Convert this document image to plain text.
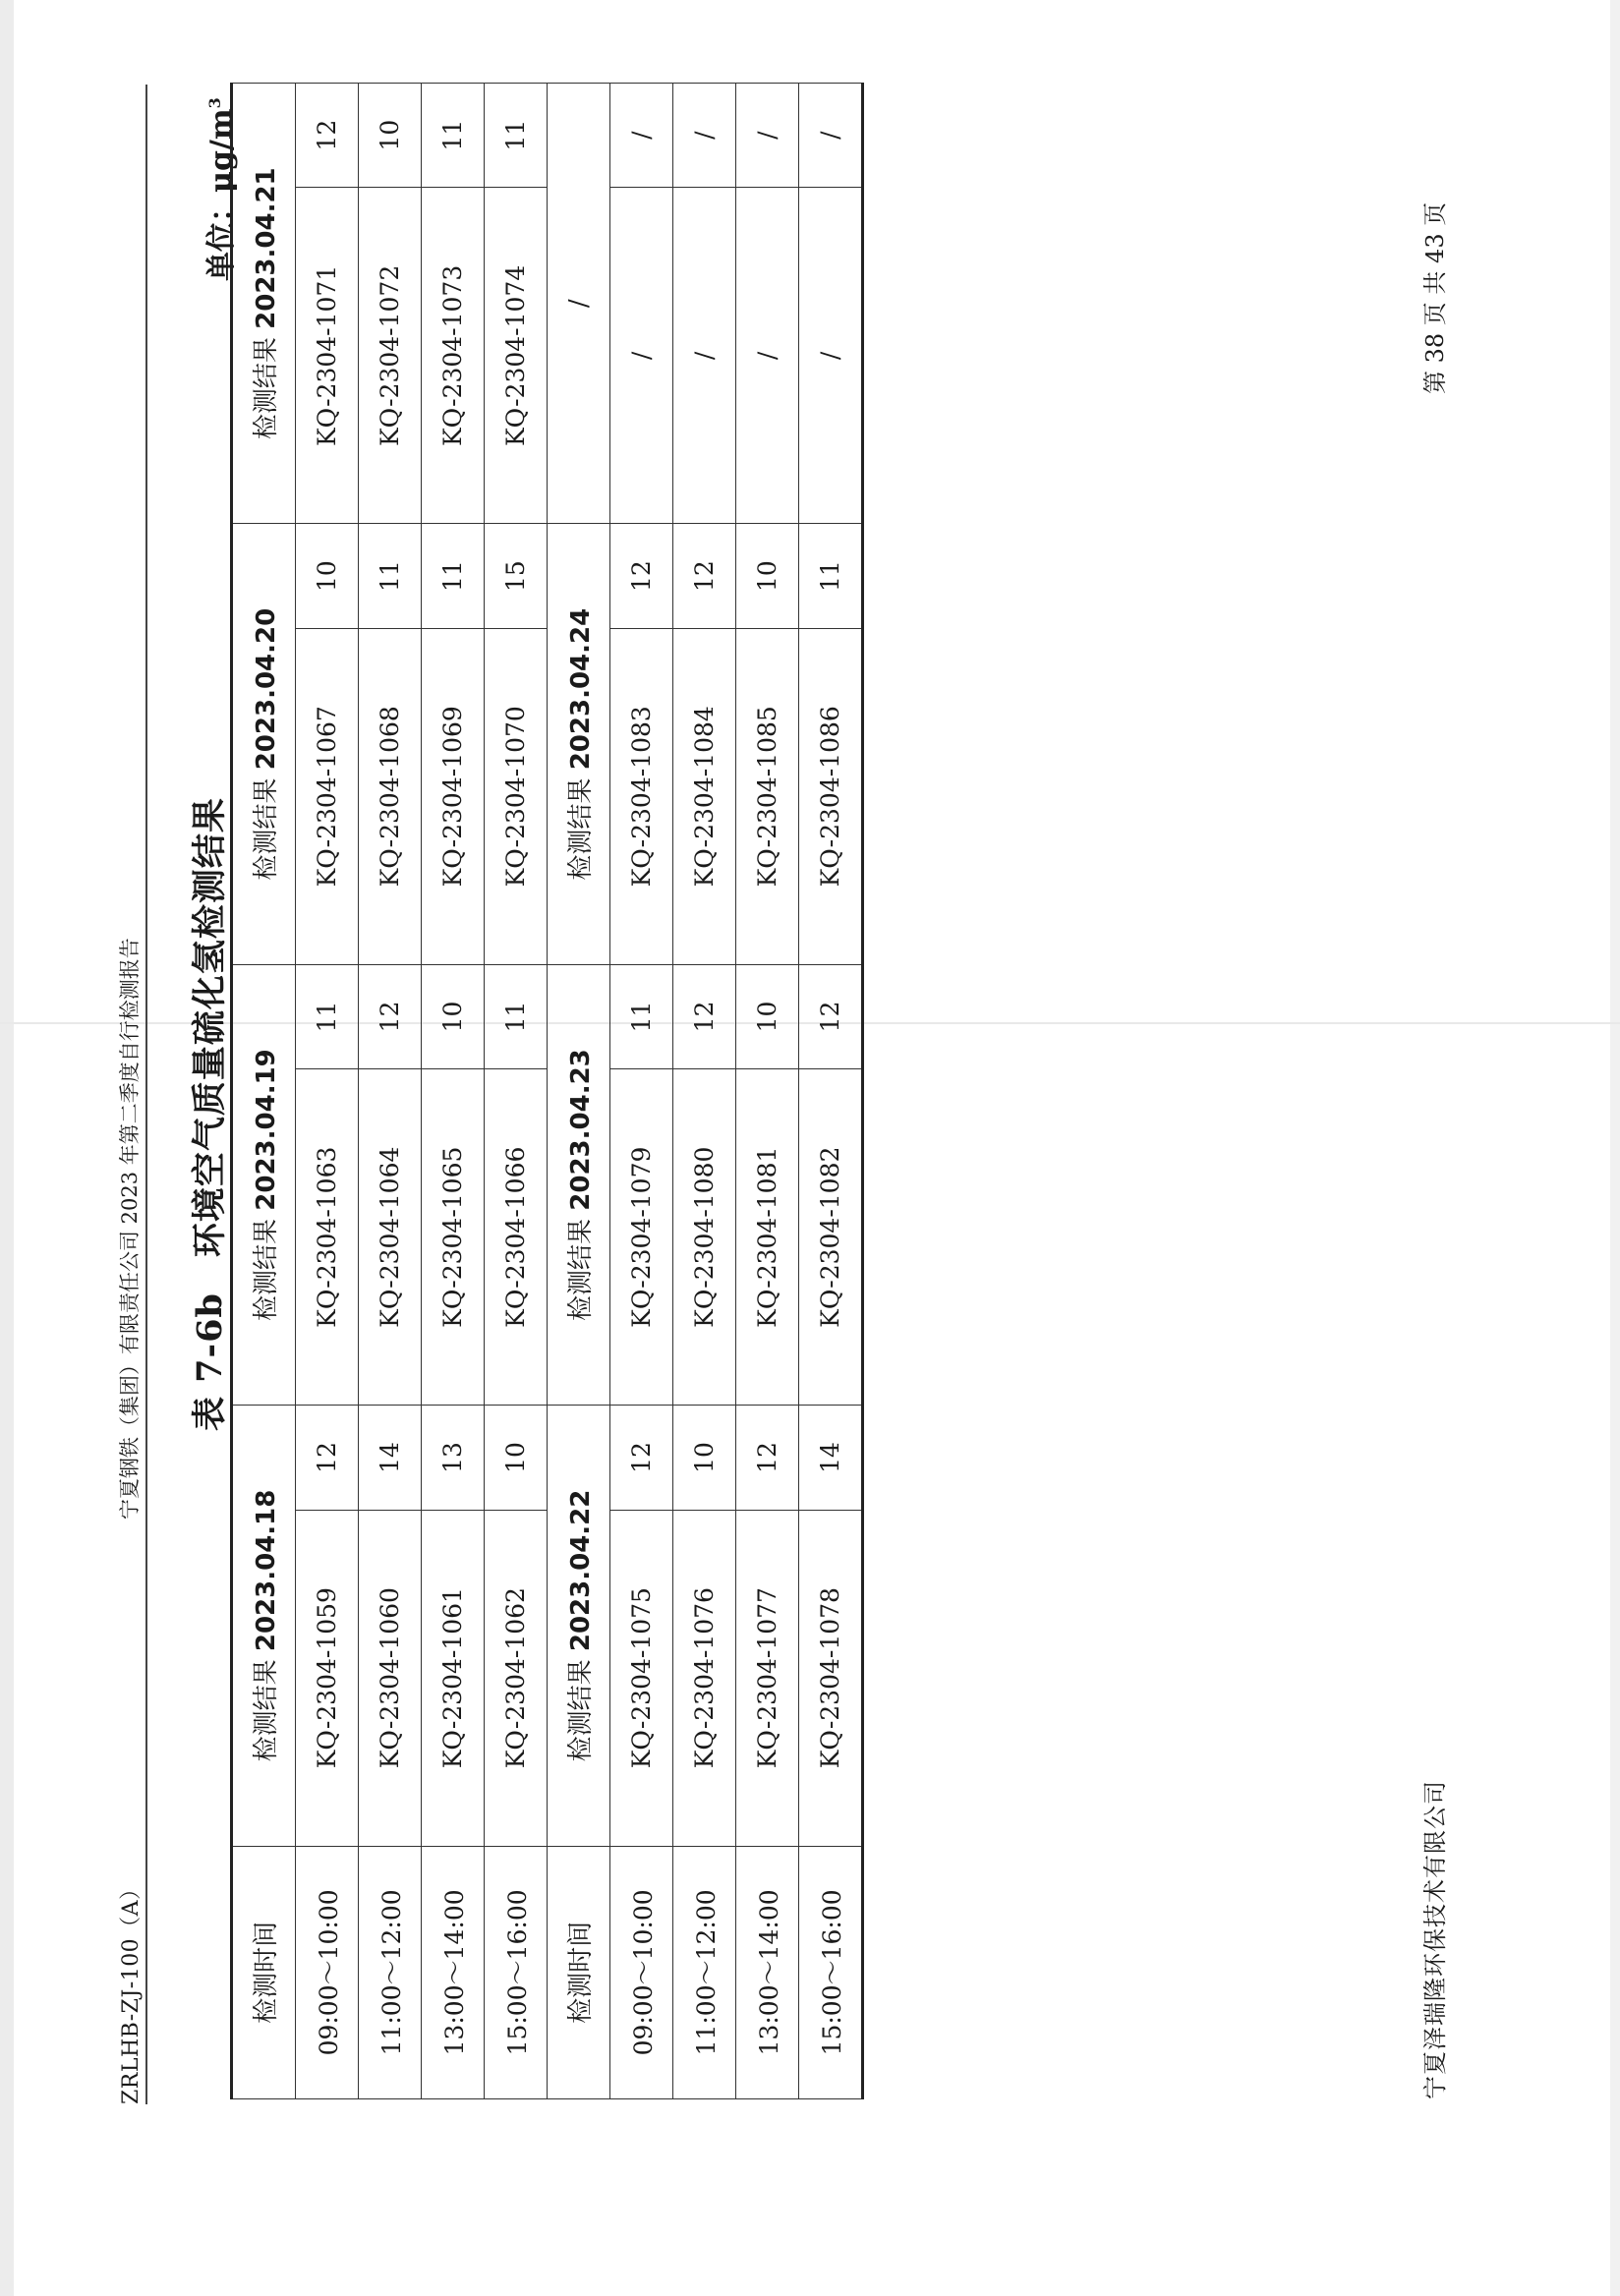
ZRLHB-ZJ-100（A）
宁夏钢铁（集团）有限责任公司 2023 年第二季度自行检测报告 表 7-6b　环境空气质量硫化氢检测结果
单位：$\mu g/m^3$
检测时间	检测结果 2023.04.18		检测结果 2023.04.19		检测结果 2023.04.20		检测结果 2023.04.21	
09:00～10:00	KQ-2304-1059	12	KQ-2304-1063	11	KQ-2304-1067	10	KQ-2304-1071	12
11:00～12:00	KQ-2304-1060	14	KQ-2304-1064	12	KQ-2304-1068	11	KQ-2304-1072	10
13:00～14:00	KQ-2304-1061	13	KQ-2304-1065	10	KQ-2304-1069	11	KQ-2304-1073	11
15:00～16:00	KQ-2304-1062	10	KQ-2304-1066	11	KQ-2304-1070	15	KQ-2304-1074	11
检测时间	检测结果 2023.04.22		检测结果 2023.04.23		检测结果 2023.04.24		/	
09:00～10:00	KQ-2304-1075	12	KQ-2304-1079	11	KQ-2304-1083	12	/	/
11:00～12:00	KQ-2304-1076	10	KQ-2304-1080	12	KQ-2304-1084	12	/	/
13:00～14:00	KQ-2304-1077	12	KQ-2304-1081	10	KQ-2304-1085	10	/	/
15:00～16:00	KQ-2304-1078	14	KQ-2304-1082	12	KQ-2304-1086	11	/	/
宁夏泽瑞隆环保技术有限公司
第 38 页 共 43 页
